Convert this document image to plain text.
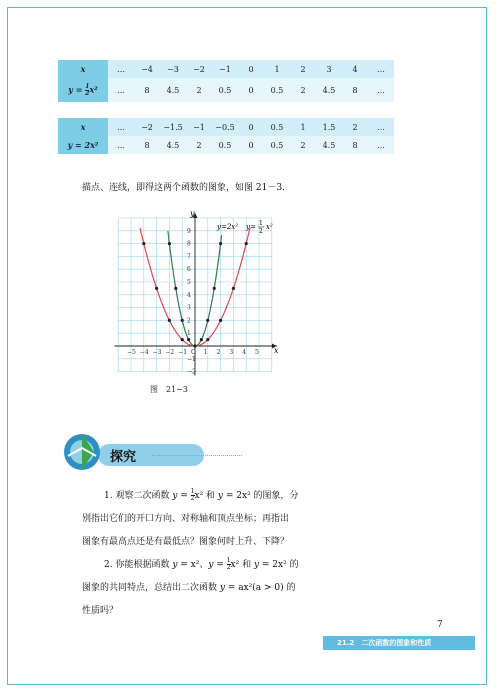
x	…	−4	−3	−2	−1	0	1	2	3	4	…
$y = \frac{1}{2} x^2$	…	8	4.5	2	0.5	0	0.5	2	4.5	8	…
x	…	−2	−1.5	−1	−0.5	0	0.5	1	1.5	2	…
y = 2x²	…	8	4.5	2	0.5	0	0.5	2	4.5	8	…
描点、连线，即得这两个函数的图象，如图 21－3.
−5 −4 −3 −2 −1 O 1 2 3 4 5
9
8
7
6
5
4
3
2
1
−1
−2
y=2x² y= 1
2
x²
y
x
图　21−3
探究

1. 观察二次函数 $y = \frac{1}{2} x^2$ 和 y = 2x² 的图象，分

别指出它们的开口方向、对称轴和顶点坐标；再指出

图象有最高点还是有最低点？图象何时上升、下降？

2. 你能根据函数 y = x²、$y = \frac{1}{2} x^2$ 和 y = 2x² 的

图象的共同特点，总结出二次函数 y = ax²(a > 0) 的

性质吗？

7
21.2　二次函数的图象和性质
